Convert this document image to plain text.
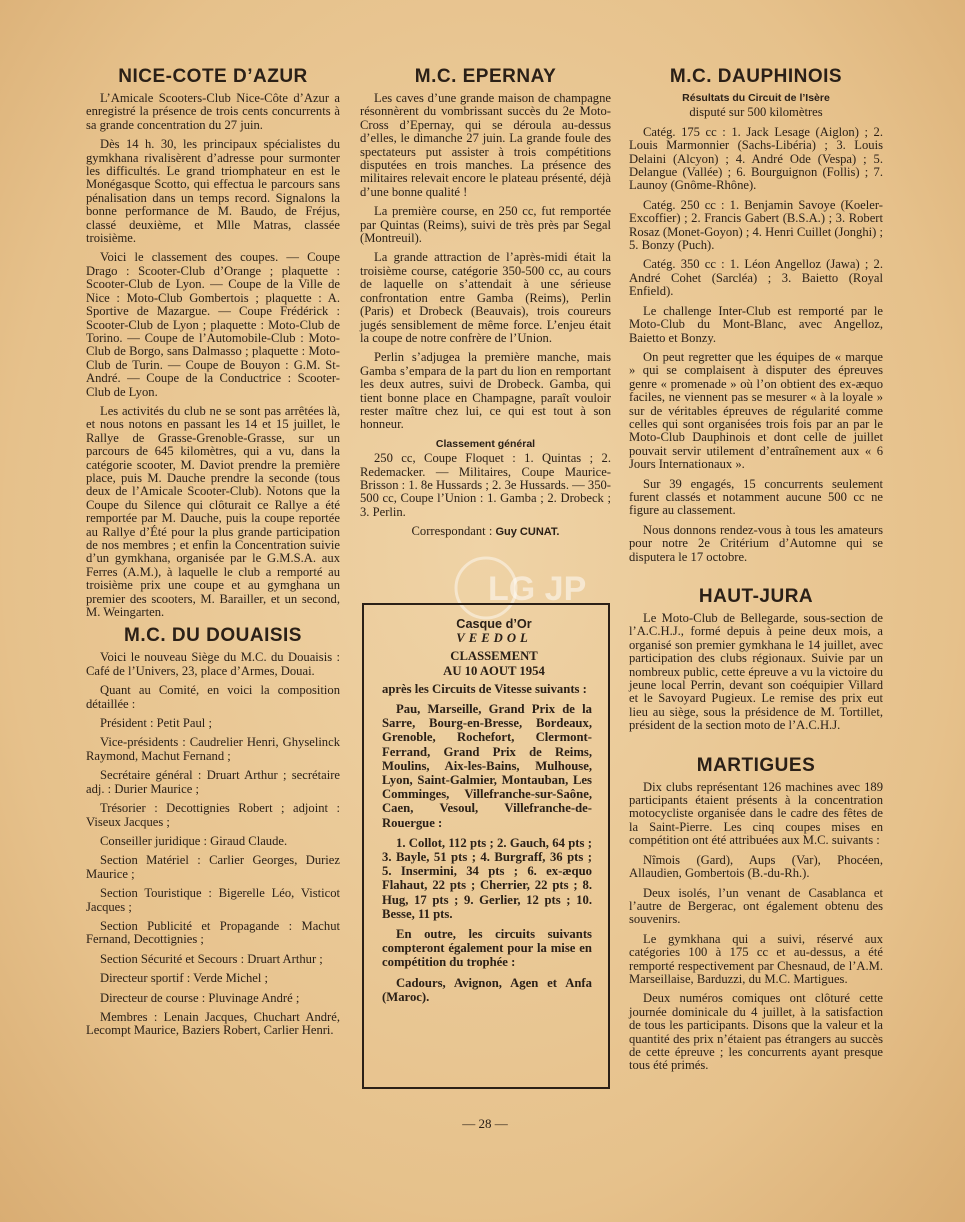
NICE-COTE D’AZUR

L’Amicale Scooters-Club Nice-Côte d’Azur a enregistré la présence de trois cents concurrents à sa grande concentration du 27 juin.

Dès 14 h. 30, les principaux spécialistes du gymkhana rivalisèrent d’adresse pour surmonter les difficultés. Le grand triomphateur en est le Monégasque Scotto, qui effectua le parcours sans pénalisation dans un temps record. Signalons la bonne performance de M. Baudo, de Fréjus, classé deuxième, et Mlle Matras, classée troisième.

Voici le classement des coupes. — Coupe Drago : Scooter-Club d’Orange ; plaquette : Scooter-Club de Lyon. — Coupe de la Ville de Nice : Moto-Club Gombertois ; plaquette : A. Sportive de Mazargue. — Coupe Frédérick : Scooter-Club de Lyon ; plaquette : Moto-Club de Torino. — Coupe de l’Automobile-Club : Moto-Club de Borgo, sans Dalmasso ; plaquette : Moto-Club de Turin. — Coupe de Bouyon : G.M. St-André. — Coupe de la Conductrice : Scooter-Club de Lyon.

Les activités du club ne se sont pas arrêtées là, et nous notons en passant les 14 et 15 juillet, le Rallye de Grasse-Grenoble-Grasse, sur un parcours de 645 kilomètres, qui a vu, dans la catégorie scooter, M. Daviot prendre la première place, puis M. Dauche prendre la seconde (tous deux de l’Amicale Scooter-Club). Notons que la Coupe du Silence qui clôturait ce Rallye a été remportée par M. Dauche, puis la coupe reportée au Rallye d’Été pour la plus grande participation de nos membres ; et enfin la Concentration suivie d’un gymkhana, organisée par le G.M.S.A. aux Ferres (A.M.), à laquelle le club a remporté au troisième prix une coupe et au gymghana un premier des scooters, M. Barailler, et un second, M. Weingarten.

M.C. DU DOUAISIS

Voici le nouveau Siège du M.C. du Douaisis : Café de l’Univers, 23, place d’Armes, Douai.

Quant au Comité, en voici la composition détaillée :

Président : Petit Paul ;

Vice-présidents : Caudrelier Henri, Ghyselinck Raymond, Machut Fernand ;

Secrétaire général : Druart Arthur ; secrétaire adj. : Durier Maurice ;

Trésorier : Decottignies Robert ; adjoint : Viseux Jacques ;

Conseiller juridique : Giraud Claude.

Section Matériel : Carlier Georges, Duriez Maurice ;

Section Touristique : Bigerelle Léo, Visticot Jacques ;

Section Publicité et Propagande : Machut Fernand, Decottignies ;

Section Sécurité et Secours : Druart Arthur ;

Directeur sportif : Verde Michel ;

Directeur de course : Pluvinage André ;

Membres : Lenain Jacques, Chuchart André, Lecompt Maurice, Baziers Robert, Carlier Henri.

M.C. EPERNAY

Les caves d’une grande maison de champagne résonnèrent du vombrissant succès du 2e Moto-Cross d’Epernay, qui se déroula au-dessus d’elles, le dimanche 27 juin. La grande foule des spectateurs put assister à trois compétitions disputées en trois manches. La présence des militaires relevait encore le plateau présenté, déjà d’une bonne qualité !

La première course, en 250 cc, fut remportée par Quintas (Reims), suivi de très près par Segal (Montreuil).

La grande attraction de l’après-midi était la troisième course, catégorie 350-500 cc, au cours de laquelle on s’attendait à une sérieuse confrontation entre Gamba (Reims), Perlin (Paris) et Drobeck (Beauvais), trois coureurs jugés sensiblement de même force. L’enjeu était la coupe de notre confrère de l’Union.

Perlin s’adjugea la première manche, mais Gamba s’empara de la part du lion en remportant les deux autres, suivi de Drobeck. Gamba, qui tient bonne place en Champagne, paraît vouloir rester maître chez lui, ce qui est tout à son honneur.

Classement général

250 cc, Coupe Floquet : 1. Quintas ; 2. Redemacker. — Militaires, Coupe Maurice-Brisson : 1. 8e Hussards ; 2. 3e Hussards. — 350-500 cc, Coupe l’Union : 1. Gamba ; 2. Drobeck ; 3. Perlin.

Correspondant : Guy CUNAT.

LG JP

Casque d’Or

VEEDOL

CLASSEMENT

AU 10 AOUT 1954

après les Circuits de Vitesse suivants :

Pau, Marseille, Grand Prix de la Sarre, Bourg-en-Bresse, Bordeaux, Grenoble, Rochefort, Clermont-Ferrand, Grand Prix de Reims, Moulins, Aix-les-Bains, Mulhouse, Lyon, Saint-Galmier, Montauban, Les Comminges, Villefranche-sur-Saône, Caen, Vesoul, Villefranche-de-Rouergue :

1. Collot, 112 pts ; 2. Gauch, 64 pts ; 3. Bayle, 51 pts ; 4. Burgraff, 36 pts ; 5. Inserminі, 34 pts ; 6. ex-æquo Flahaut, 22 pts ; Cherrier, 22 pts ; 8. Hug, 17 pts ; 9. Gerlier, 12 pts ; 10. Besse, 11 pts.

En outre, les circuits suivants compteront également pour la mise en compétition du trophée :

Cadours, Avignon, Agen et Anfa (Maroc).

M.C. DAUPHINOIS

Résultats du Circuit de l’Isère

disputé sur 500 kilomètres

Catég. 175 cc : 1. Jack Lesage (Aiglon) ; 2. Louis Marmonnier (Sachs-Libéria) ; 3. Louis Delaini (Alcyon) ; 4. André Ode (Vespa) ; 5. Delangue (Vallée) ; 6. Bourguignon (Follis) ; 7. Launoy (Gnôme-Rhône).

Catég. 250 cc : 1. Benjamin Savoye (Koeler-Excoffier) ; 2. Francis Gabert (B.S.A.) ; 3. Robert Rosaz (Monet-Goyon) ; 4. Henri Cuillet (Jonghi) ; 5. Bonzy (Puch).

Catég. 350 cc : 1. Léon Angelloz (Jawa) ; 2. André Cohet (Sarcléa) ; 3. Baietto (Royal Enfield).

Le challenge Inter-Club est remporté par le Moto-Club du Mont-Blanc, avec Angelloz, Baietto et Bonzy.

On peut regretter que les équipes de « marque » qui se complaisent à disputer des épreuves genre « promenade » où l’on obtient des ex-æquo faciles, ne viennent pas se mesurer « à la loyale » sur de véritables épreuves de régularité comme celles qui sont organisées trois fois par an par le Moto-Club Dauphinois et dont celle de juillet pouvait servir utilement d’entraînement aux « 6 Jours Internationaux ».

Sur 39 engagés, 15 concurrents seulement furent classés et notamment aucune 500 cc ne figure au classement.

Nous donnons rendez-vous à tous les amateurs pour notre 2e Critérium d’Automne qui se disputera le 17 octobre.

HAUT-JURA

Le Moto-Club de Bellegarde, sous-section de l’A.C.H.J., formé depuis à peine deux mois, a organisé son premier gymkhana le 14 juillet, avec participation des clubs régionaux. Suivie par un nombreux public, cette épreuve a vu la victoire du jeune local Perrin, devant son coéquipier Villard et le Savoyard Pugieux. Le remise des prix eut lieu au siège, sous la présidence de M. Tortillet, président de la section moto de l’A.C.H.J.

MARTIGUES

Dix clubs représentant 126 machines avec 189 participants étaient présents à la concentration motocycliste organisée dans le cadre des fêtes de la Saint-Pierre. Les cinq coupes mises en compétition ont été attribuées aux M.C. suivants :

Nîmois (Gard), Aups (Var), Phocéen, Allaudien, Gombertois (B.-du-Rh.).

Deux isolés, l’un venant de Casablanca et l’autre de Bergerac, ont également obtenu des souvenirs.

Le gymkhana qui a suivi, réservé aux catégories 100 à 175 cc et au-dessus, a été remporté respectivement par Chesnaud, de l’A.M. Marseillaise, Barduzzi, du M.C. Martigues.

Deux numéros comiques ont clôturé cette journée dominicale du 4 juillet, à la satisfaction de tous les participants. Disons que la valeur et la quantité des prix n’étaient pas étrangers au succès de cette épreuve ; les concurrents ayant presque tous été primés.

— 28 —
